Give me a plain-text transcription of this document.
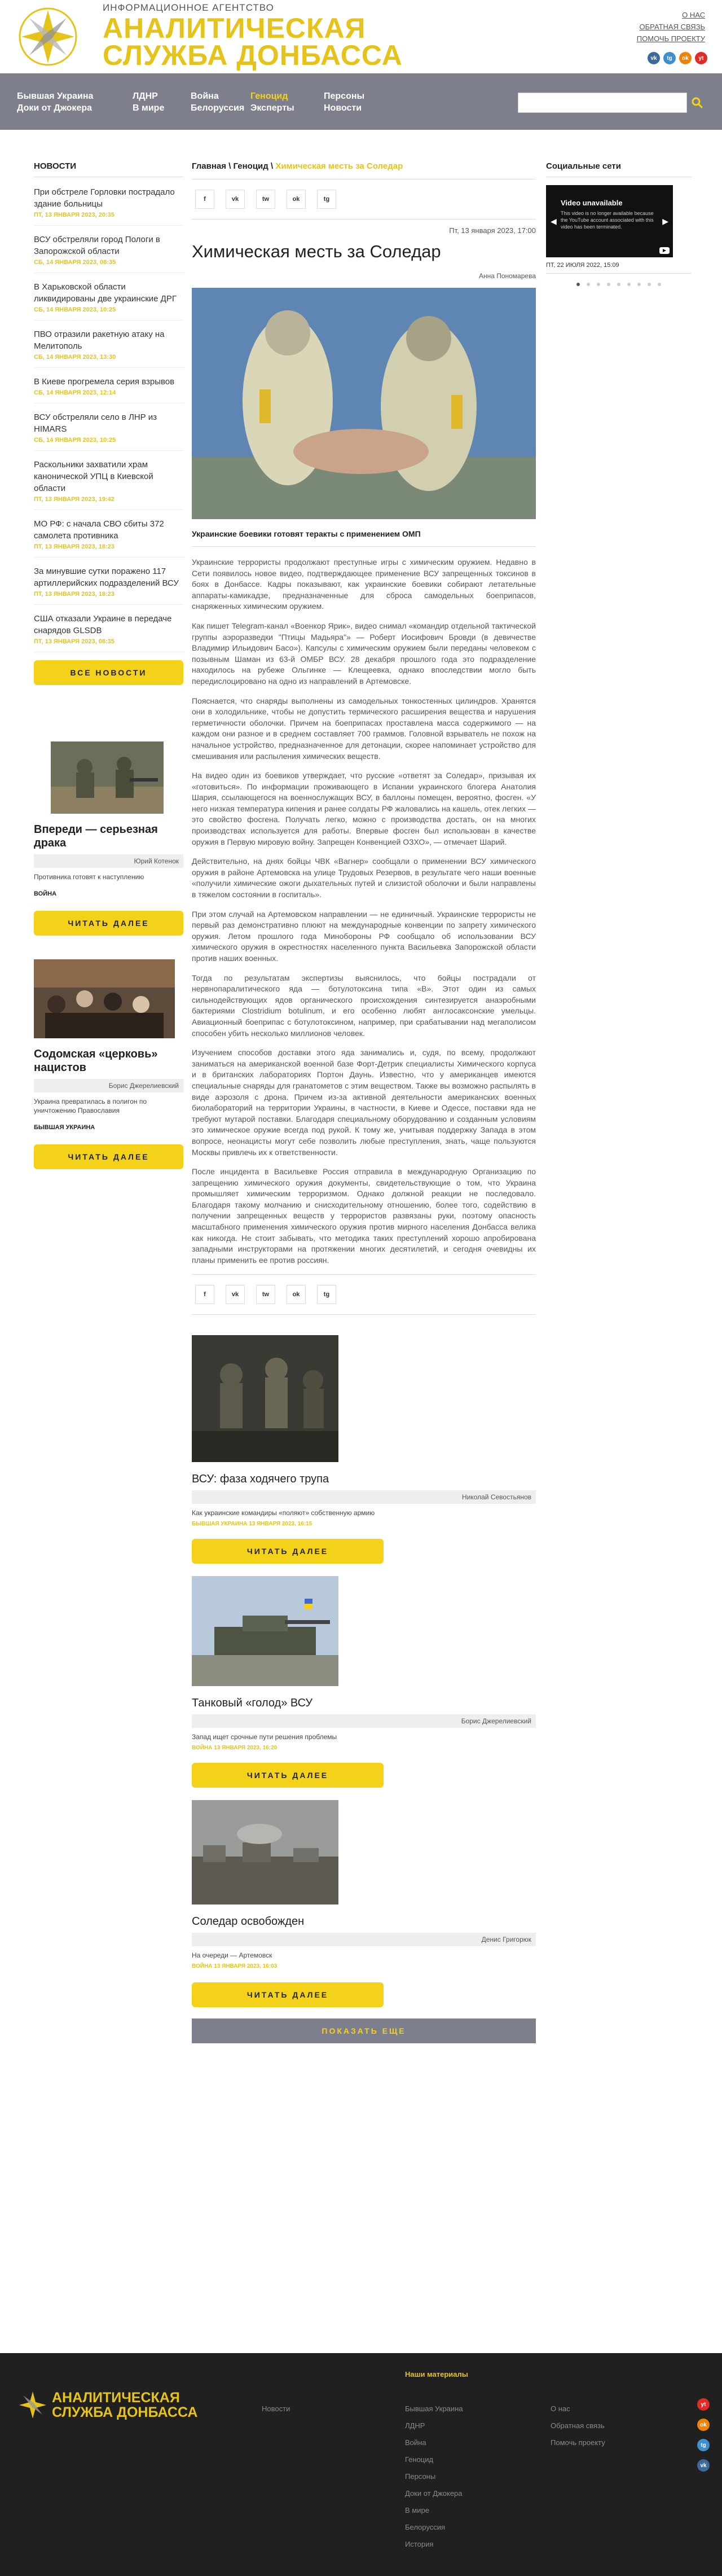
ИНФОРМАЦИОННОЕ АГЕНТСТВО
АНАЛИТИЧЕСКАЯ
СЛУЖБА ДОНБАССА
О НАС
ОБРАТНАЯ СВЯЗЬ
ПОМОЧЬ ПРОЕКТУ
vk	tg	ok	yt
Бывшая Украина
Доки от Джокера
ЛДНР
В мире
Война
Белоруссия
Геноцид
Эксперты
Персоны
Новости
НОВОСТИ
При обстреле Горловки пострадало здание больницы
ПТ, 13 ЯНВАРЯ 2023, 20:35
ВСУ обстреляли город Пологи в Запорожской области
СБ, 14 ЯНВАРЯ 2023, 08:35
В Харьковской области ликвидированы две украинские ДРГ
СБ, 14 ЯНВАРЯ 2023, 10:25
ПВО отразили ракетную атаку на Мелитополь
СБ, 14 ЯНВАРЯ 2023, 13:30
В Киеве прогремела серия взрывов
СБ, 14 ЯНВАРЯ 2023, 12:14
ВСУ обстреляли село в ЛНР из HIMARS
СБ, 14 ЯНВАРЯ 2023, 10:25
Раскольники захватили храм канонической УПЦ в Киевской области
ПТ, 13 ЯНВАРЯ 2023, 19:42
МО РФ: с начала СВО сбиты 372 самолета противника
ПТ, 13 ЯНВАРЯ 2023, 18:23
За минувшие сутки поражено 117 артиллерийских подразделений ВСУ
ПТ, 13 ЯНВАРЯ 2023, 18:23
США отказали Украине в передаче снарядов GLSDB
ПТ, 13 ЯНВАРЯ 2023, 08:35
ВСЕ НОВОСТИ
Впереди — серьезная драка
Юрий Котенок
Противника готовят к наступлению
ВОЙНА
ЧИТАТЬ ДАЛЕЕ
Содомская «церковь» нацистов
Борис Джерелиевский
Украина превратилась в полигон по уничтожению Православия
БЫВШАЯ УКРАИНА
ЧИТАТЬ ДАЛЕЕ
Главная \ Геноцид \ Химическая месть за Соледар
f	vk	tw	ok	tg
Пт, 13 января 2023, 17:00
Химическая месть за Соледар
Анна Пономарева
Украинские боевики готовят теракты с применением ОМП

Украинские террористы продолжают преступные игры с химическим оружием. Недавно в Сети появилось новое видео, подтверждающее применение ВСУ запрещенных токсинов в боях в Донбассе. Кадры показывают, как украинские боевики собирают летательные аппараты-камикадзе, предназначенные для сброса самодельных боеприпасов, снаряженных химическим оружием.

Как пишет Telegram-канал «Военкор Ярик», видео снимал «командир отдельной тактической группы аэроразведки "Птицы Мадьяра"» — Роберт Иосифович Бровди (в девичестве Владимир Ильидович Басо»). Капсулы с химическим оружием были переданы человеком с позывным Шаман из 63-й ОМБР ВСУ. 28 декабря прошлого года это подразделение находилось на рубеже Ольгинке — Клещеевка, однако впоследствии могло быть передислоцировано на одно из направлений в Артемовске.

Пояснается, что снаряды выполнены из самодельных тонкостенных цилиндров. Хранятся они в холодильнике, чтобы не допустить термического расширения вещества и нарушения герметичности оболочки. Причем на боеприпасах проставлена масса содержимого — на каждом они разное и в среднем составляет 700 граммов. Головной взрыватель не похож на начальное устройство, предназначенное для детонации, скорее напоминает устройство для смешивания или распыления химических веществ.

На видео один из боевиков утверждает, что русские «ответят за Соледар», призывая их «готовиться». По информации проживающего в Испании украинского блогера Анатолия Шария, ссылающегося на военнослужащих ВСУ, в баллоны помещен, вероятно, фосген. «У него низкая температура кипения и ранее солдаты РФ жаловались на кашель, отек легких — это свойство фосгена. Получать легко, можно с производства достать, он на многих производствах используется для работы. Впервые фосген был использован в качестве оружия в Первую мировую войну. Запрещен Конвенцией ОЗХО», — отмечает Шарий.

Действительно, на днях бойцы ЧВК «Вагнер» сообщали о применении ВСУ химического оружия в районе Артемовска на улице Трудовых Резервов, в результате чего наши военные «получили химические ожоги дыхательных путей и слизистой оболочки и были направлены в тяжелом состоянии в госпиталь».

При этом случай на Артемовском направлении — не единичный. Украинские террористы не первый раз демонстративно плюют на международные конвенции по запрету химического оружия. Летом прошлого года Минобороны РФ сообщало об использовании ВСУ химического оружия в окрестностях населенного пункта Васильевка Запорожской области против наших военных.

Тогда по результатам экспертизы выяснилось, что бойцы пострадали от нервнопаралитического яда — ботулотоксина типа «В». Этот один из самых сильнодействующих ядов органического происхождения синтезируется анаэробными бактериями Clostridium botulinum, и его особенно любят англосаксонские умельцы. Авиационный боеприпас с ботулотоксином, например, при срабатывании над мегаполисом способен убить несколько миллионов человек.

Изучением способов доставки этого яда занимались и, судя, по всему, продолжают заниматься на американской военной базе Форт-Детрик специалисты Химического корпуса и в британских лабораториях Портон Даунь. Известно, что у американцев имеются специальные снаряды для гранатометов с этим веществом. Также вы возможно распылять в виде аэрозоля с дрона. Причем из-за активной деятельности американских военных биолабораторий на территории Украины, в частности, в Киеве и Одессе, поставки яда не требуют мутарой поставки. Благодаря специальному оборудованию и созданным условиям это химическое оружие всегда под рукой. К тому же, учитывая поддержку Запада в этом вопросе, неонацисты могут себе позволить любые преступления, знать, чаще пользуются Москвы привлечь их к ответственности.

После инцидента в Васильевке Россия отправила в международную Организацию по запрещению химического оружия документы, свидетельствующие о том, что Украина промышляет химическим терроризмом. Однако должной реакции не последовало. Благодаря такому молчанию и снисходительному отношению, более того, содействию в получении запрещенных веществ у террористов развязаны руки, поэтому опасность масштабного применения химического оружия против мирного населения Донбасса велика как никогда. Не стоит забывать, что методика таких преступлений хорошо апробирована западными инструкторами на протяжении многих десятилетий, и сегодня очевидны их планы применить ее против россиян.

f	vk	tw	ok	tg
ВСУ: фаза ходячего трупа
Николай Севостьянов
Как украинские командиры «поляют» собственную армию
БЫВШАЯ УКРАИНА 13 ЯНВАРЯ 2023, 16:15
ЧИТАТЬ ДАЛЕЕ
Танковый «голод» ВСУ
Борис Джерелиевский
Запад ищет срочные пути решения проблемы
ВОЙНА 13 ЯНВАРЯ 2023, 16:20
ЧИТАТЬ ДАЛЕЕ
Соледар освобожден
Денис Григорюк
На очереди — Артемовск
ВОЙНА 13 ЯНВАРЯ 2023, 16:03
ЧИТАТЬ ДАЛЕЕ
ПОКАЗАТЬ ЕЩЕ
Социальные сети
◀	▶
Video unavailable
This video is no longer available because the YouTube account associated with this video has been terminated.
ПТ, 22 ИЮЛЯ 2022, 15:09
АНАЛИТИЧЕСКАЯ
СЛУЖБА ДОНБАССА	Новости
Наши материалы
Бывшая Украина
ЛДНР
Война
Геноцид
Персоны
Доки от Джокера
В мире
Белоруссия
История
О нас
Обратная связь
Помочь проекту
yt
ok
tg
vk
